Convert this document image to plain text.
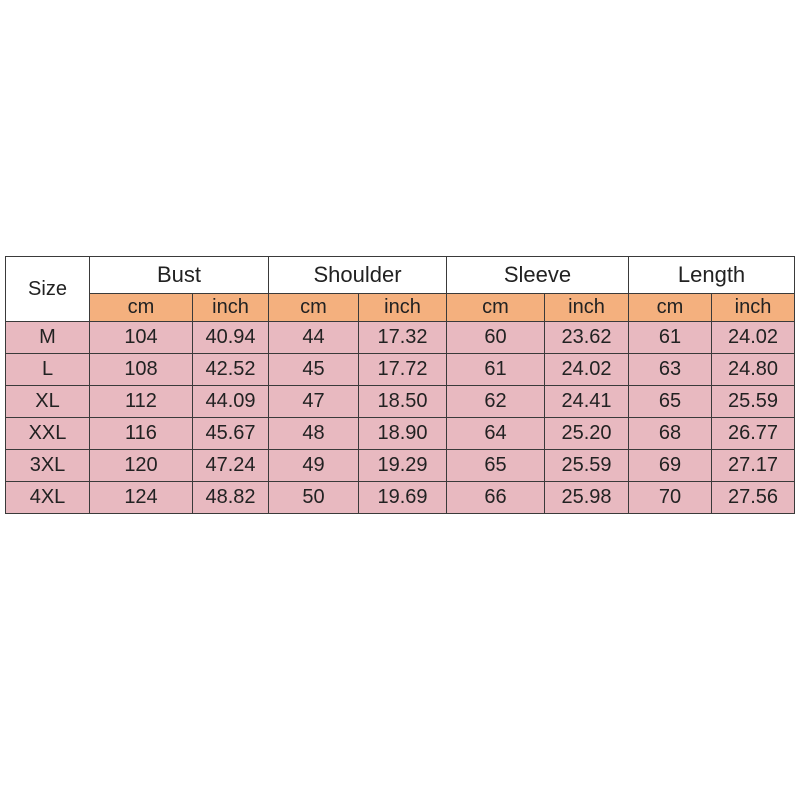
Size	Bust		Shoulder		Sleeve		Length	
	cm	inch	cm	inch	cm	inch	cm	inch
M	104	40.94	44	17.32	60	23.62	61	24.02
L	108	42.52	45	17.72	61	24.02	63	24.80
XL	112	44.09	47	18.50	62	24.41	65	25.59
XXL	116	45.67	48	18.90	64	25.20	68	26.77
3XL	120	47.24	49	19.29	65	25.59	69	27.17
4XL	124	48.82	50	19.69	66	25.98	70	27.56
